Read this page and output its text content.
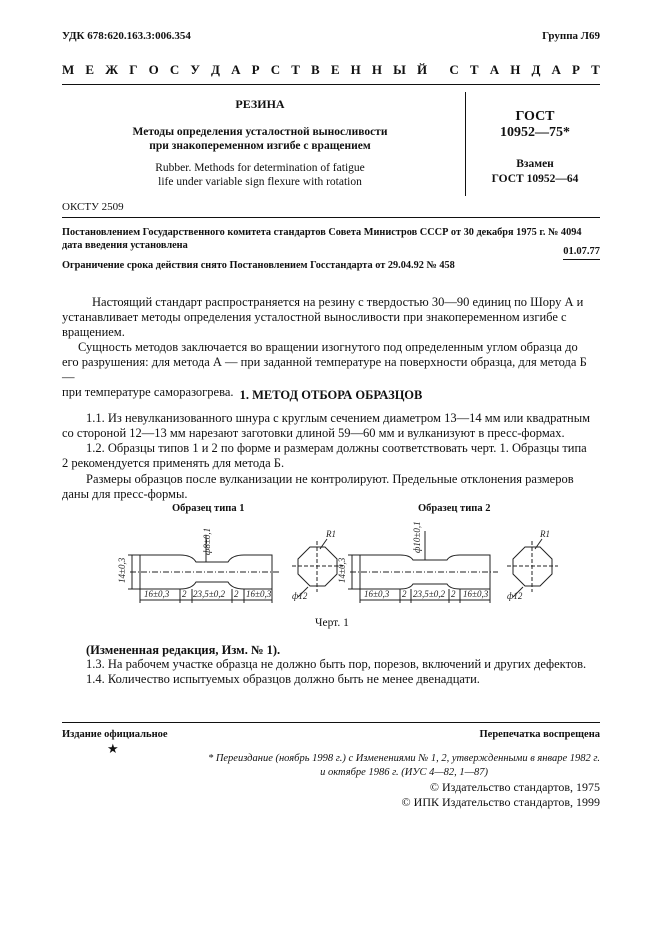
УДК 678:620.163.3:006.354	Группа Л69
М Е Ж Г О С У Д А Р С Т В Е Н Н Ы Й С Т А Н Д А Р Т
РЕЗИНА
Методы определения усталостной выносливости
при знакопеременном изгибе с вращением
Rubber. Methods for determination of fatigue
life under variable sign flexure with rotation
ГОСТ
10952—75*
Взамен
ГОСТ 10952—64
ОКСТУ 2509
Постановлением Государственного комитета стандартов Совета Министров СССР от 30 декабря 1975 г. № 4094
дата введения установлена
01.07.77
Ограничение срока действия снято Постановлением Госстандарта от 29.04.92 № 458
Настоящий стандарт распространяется на резину с твердостью 30—90 единиц по Шору А и
устанавливает методы определения усталостной выносливости при знакопеременном изгибе с
вращением.
Сущность методов заключается во вращении изогнутого под определенным углом образца до
его разрушения: для метода А — при заданной температуре на поверхности образца, для метода Б —
при температуре саморазогрева. 1. МЕТОД ОТБОРА ОБРАЗЦОВ
1.1. Из невулканизованного шнура с круглым сечением диаметром 13—14 мм или квадратным
со стороной 12—13 мм нарезают заготовки длиной 59—60 мм и вулканизуют в пресс-формах.
1.2. Образцы типов 1 и 2 по форме и размерам должны соответствовать черт. 1. Образцы типа
2 рекомендуется применять для метода Б.
Размеры образцов после вулканизации не контролируют. Предельные отклонения размеров
даны для пресс-формы.
Образец типа 1	Образец типа 2
14±0,3
ф8±0,1
16±0,3 2 23,5±0,2 2 16±0,3
R1
ф12
14±0,3
ф10±0,1
16±0,3 2 23,5±0,2 2 16±0,3
R1
ф12
Черт. 1
(Измененная редакция, Изм. № 1).
1.3. На рабочем участке образца не должно быть пор, порезов, включений и других дефектов.
1.4. Количество испытуемых образцов должно быть не менее двенадцати.
Издание официальное	Перепечатка воспрещена
★
* Переиздание (ноябрь 1998 г.) с Изменениями № 1, 2, утвержденными в январе 1982 г.
и октябре 1986 г. (ИУС 4—82, 1—87)
© Издательство стандартов, 1975
© ИПК Издательство стандартов, 1999
